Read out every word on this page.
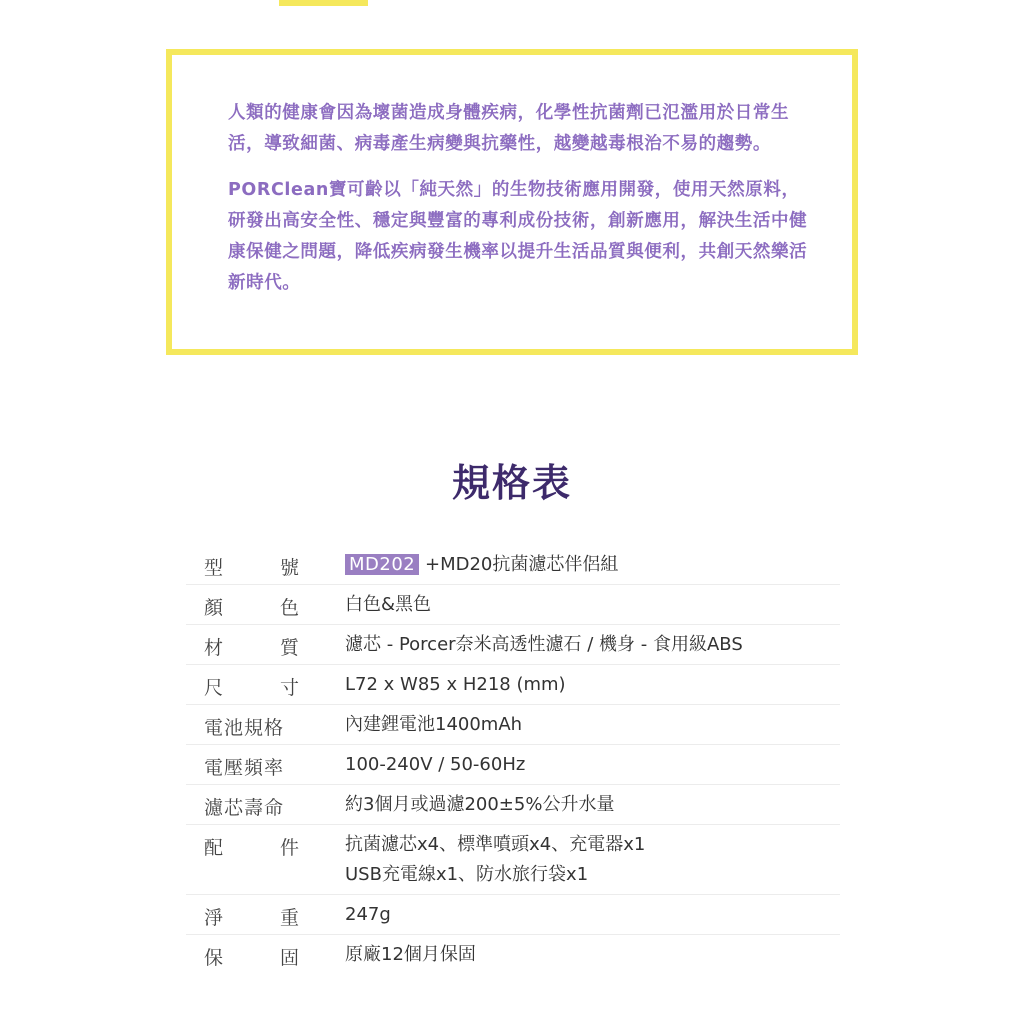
人類的健康會因為壞菌造成身體疾病，化學性抗菌劑已氾濫用於日常生活，導致細菌、病毒產生病變與抗藥性，越變越毒根治不易的趨勢。

PORClean寶可齡以「純天然」的生物技術應用開發，使用天然原料，研發出高安全性、穩定與豐富的專利成份技術，創新應用，解決生活中健康保健之問題，降低疾病發生機率以提升生活品質與便利，共創天然樂活新時代。

規格表
型	號	MD202 +MD20抗菌濾芯伴侶組
顏	色	白色&黑色
材	質	濾芯 - Porcer奈米高透性濾石 / 機身 - 食用級ABS
尺	寸	L72 x W85 x H218 (mm)
電池規格	內建鋰電池1400mAh
電壓頻率	100-240V / 50-60Hz
濾芯壽命	約3個月或過濾200±5%公升水量
配	件	抗菌濾芯x4、標準噴頭x4、充電器x1
USB充電線x1、防水旅行袋x1
淨	重	247g
保	固	原廠12個月保固
